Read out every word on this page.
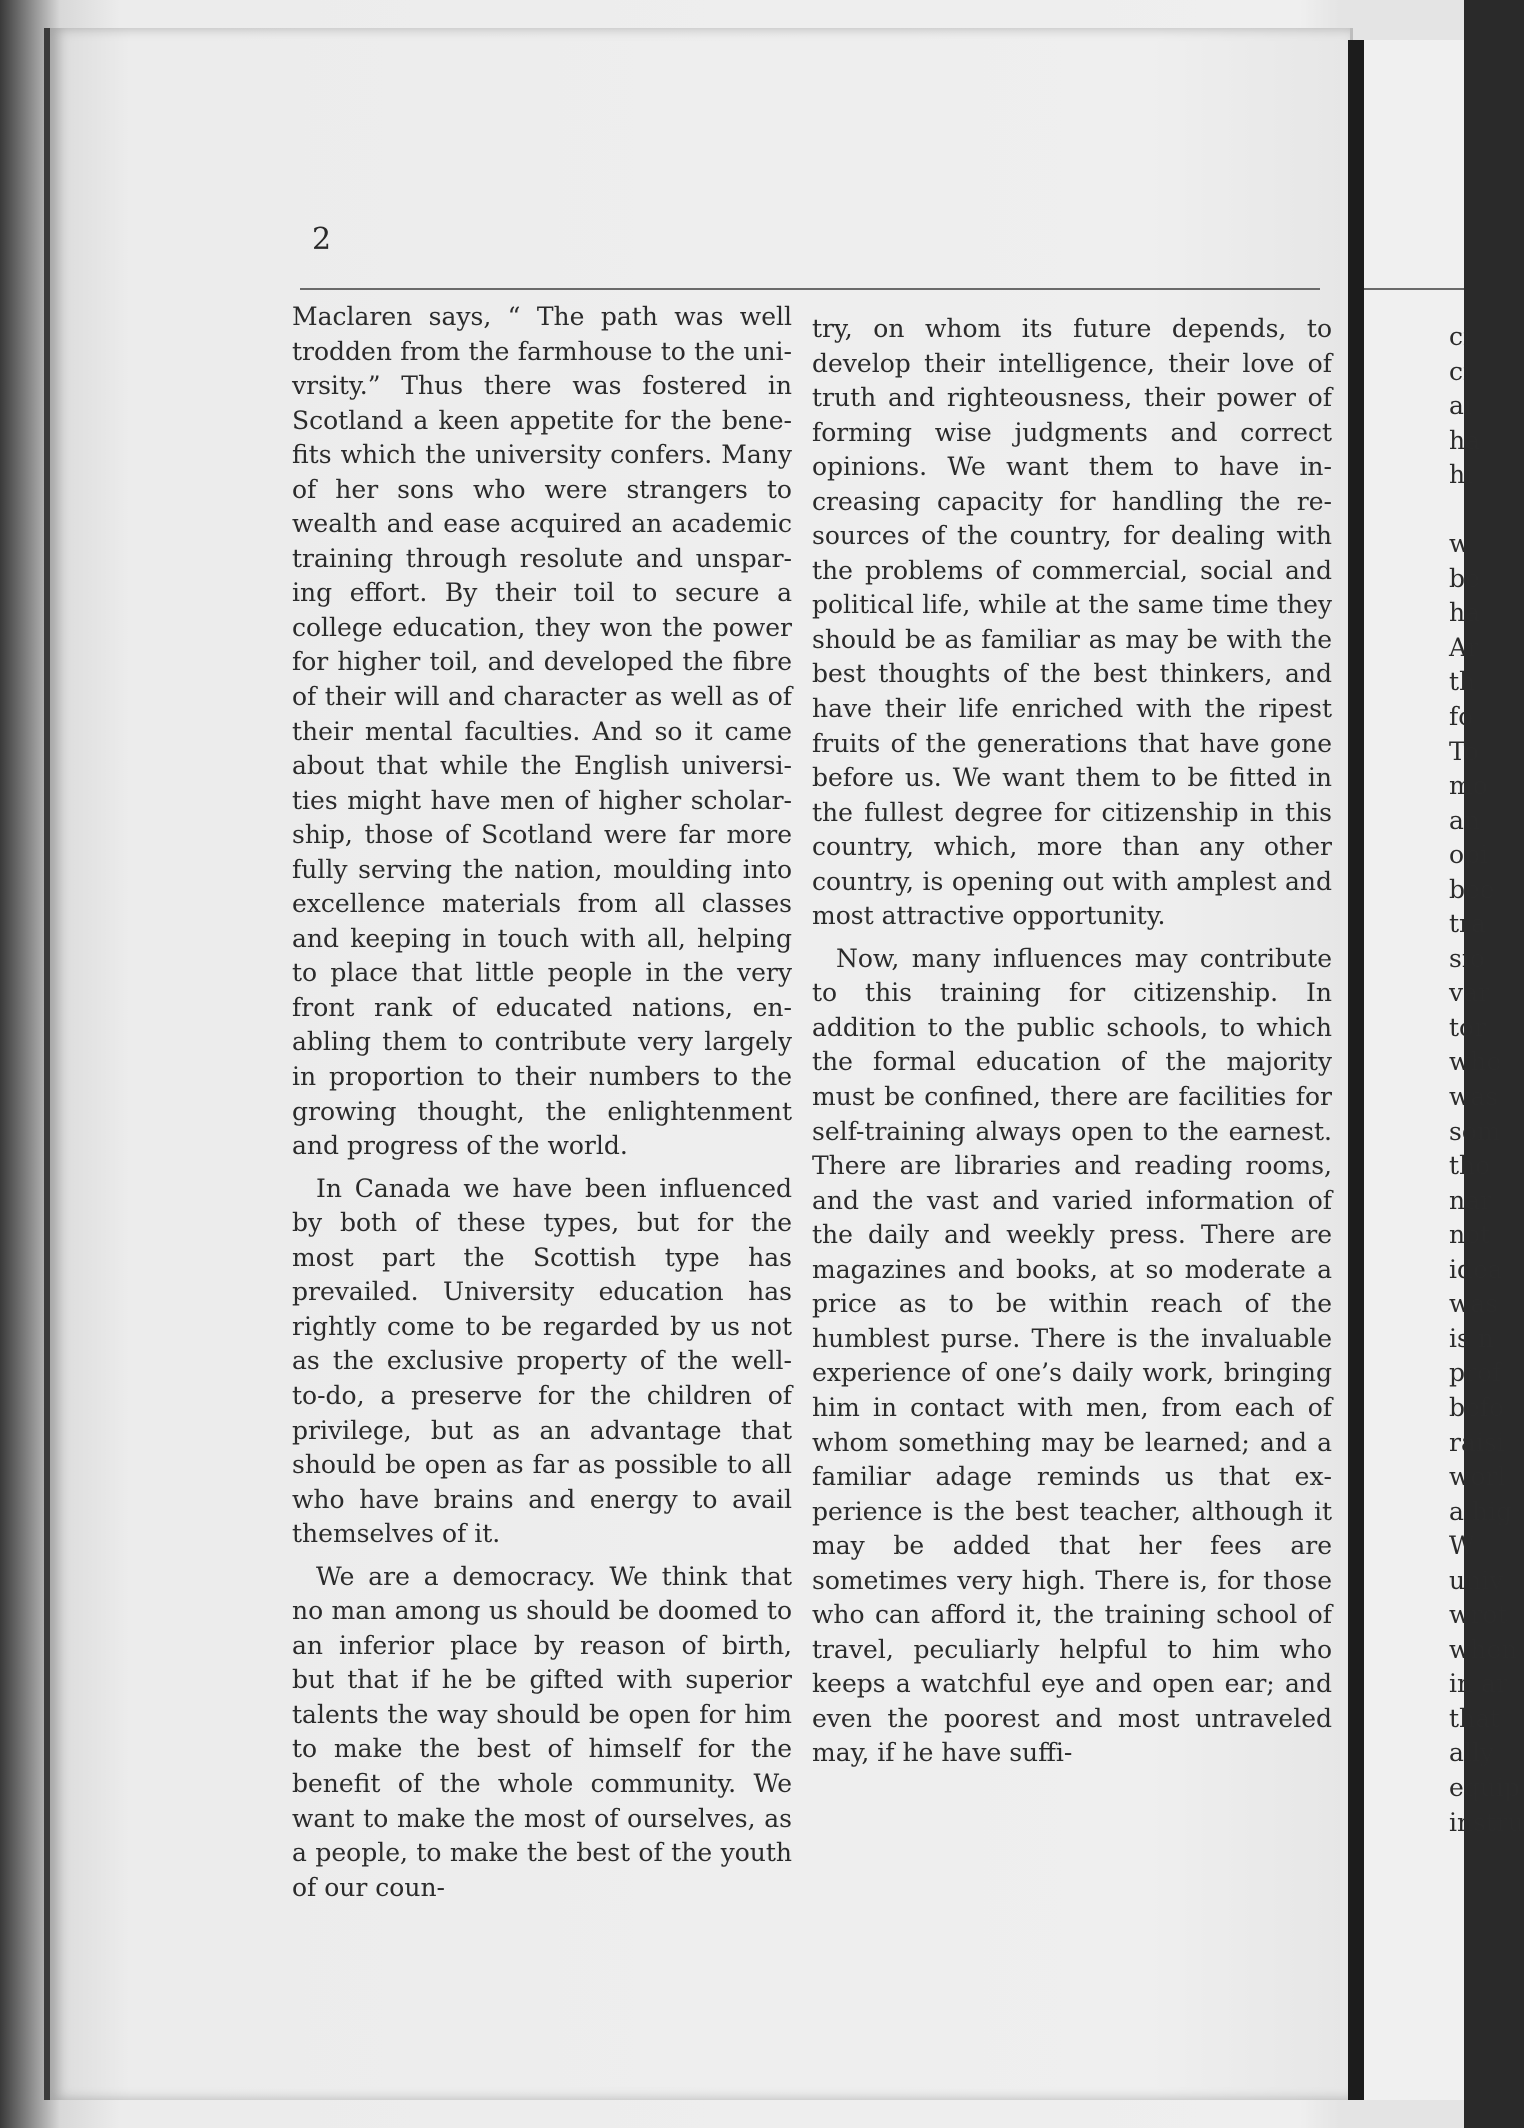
2

Maclaren says, “ The path was well trodden from the farmhouse to the univrsity.” Thus there was fostered in Scotland a keen appetite for the benefits which the university confers. Many of her sons who were strangers to wealth and ease acquired an academic training through resolute and unsparing effort. By their toil to secure a college education, they won the power for higher toil, and developed the fibre of their will and character as well as of their mental faculties. And so it came about that while the English universities might have men of higher scholarship, those of Scotland were far more fully serving the nation, moulding into excellence materials from all classes and keeping in touch with all, helping to place that little people in the very front rank of educated nations, enabling them to contribute very largely in proportion to their numbers to the growing thought, the enlightenment and progress of the world.

In Canada we have been influenced by both of these types, but for the most part the Scottish type has prevailed. University education has rightly come to be regarded by us not as the exclusive property of the well-to-do, a preserve for the children of privilege, but as an advantage that should be open as far as possible to all who have brains and energy to avail themselves of it.

We are a democracy. We think that no man among us should be doomed to an inferior place by reason of birth, but that if he be gifted with superior talents the way should be open for him to make the best of himself for the benefit of the whole community. We want to make the most of ourselves, as a people, to make the best of the youth of our coun-

try, on whom its future depends, to develop their intelligence, their love of truth and righteousness, their power of forming wise judgments and correct opinions. We want them to have increasing capacity for handling the resources of the country, for dealing with the problems of commercial, social and political life, while at the same time they should be as familiar as may be with the best thoughts of the best thinkers, and have their life enriched with the ripest fruits of the generations that have gone before us. We want them to be fitted in the fullest degree for citizenship in this country, which, more than any other country, is opening out with amplest and most attractive opportunity.

Now, many influences may contribute to this training for citizenship. In addition to the public schools, to which the formal education of the majority must be confined, there are facilities for self-training always open to the earnest. There are libraries and reading rooms, and the vast and varied information of the daily and weekly press. There are magazines and books, at so moderate a price as to be within reach of the humblest purse. There is the invaluable experience of one’s daily work, bringing him in contact with men, from each of whom something may be learned; and a familiar adage reminds us that experience is the best teacher, although it may be added that her fees are sometimes very high. There is, for those who can afford it, the training school of travel, peculiarly helpful to him who keeps a watchful eye and open ear; and even the poorest and most untraveled may, if he have suffi-

ci
cı
aı
ha
hi
w
be
ha
Ar
th
fo
To
mo
an
opi
bee
tra
sio
var
tor
whe
was
som
tho
nar
not
idea
was
is n
prof
befo
raisi
worl
a hig
W
univ
wrot
when
in ar
that
ally
equip
instru
